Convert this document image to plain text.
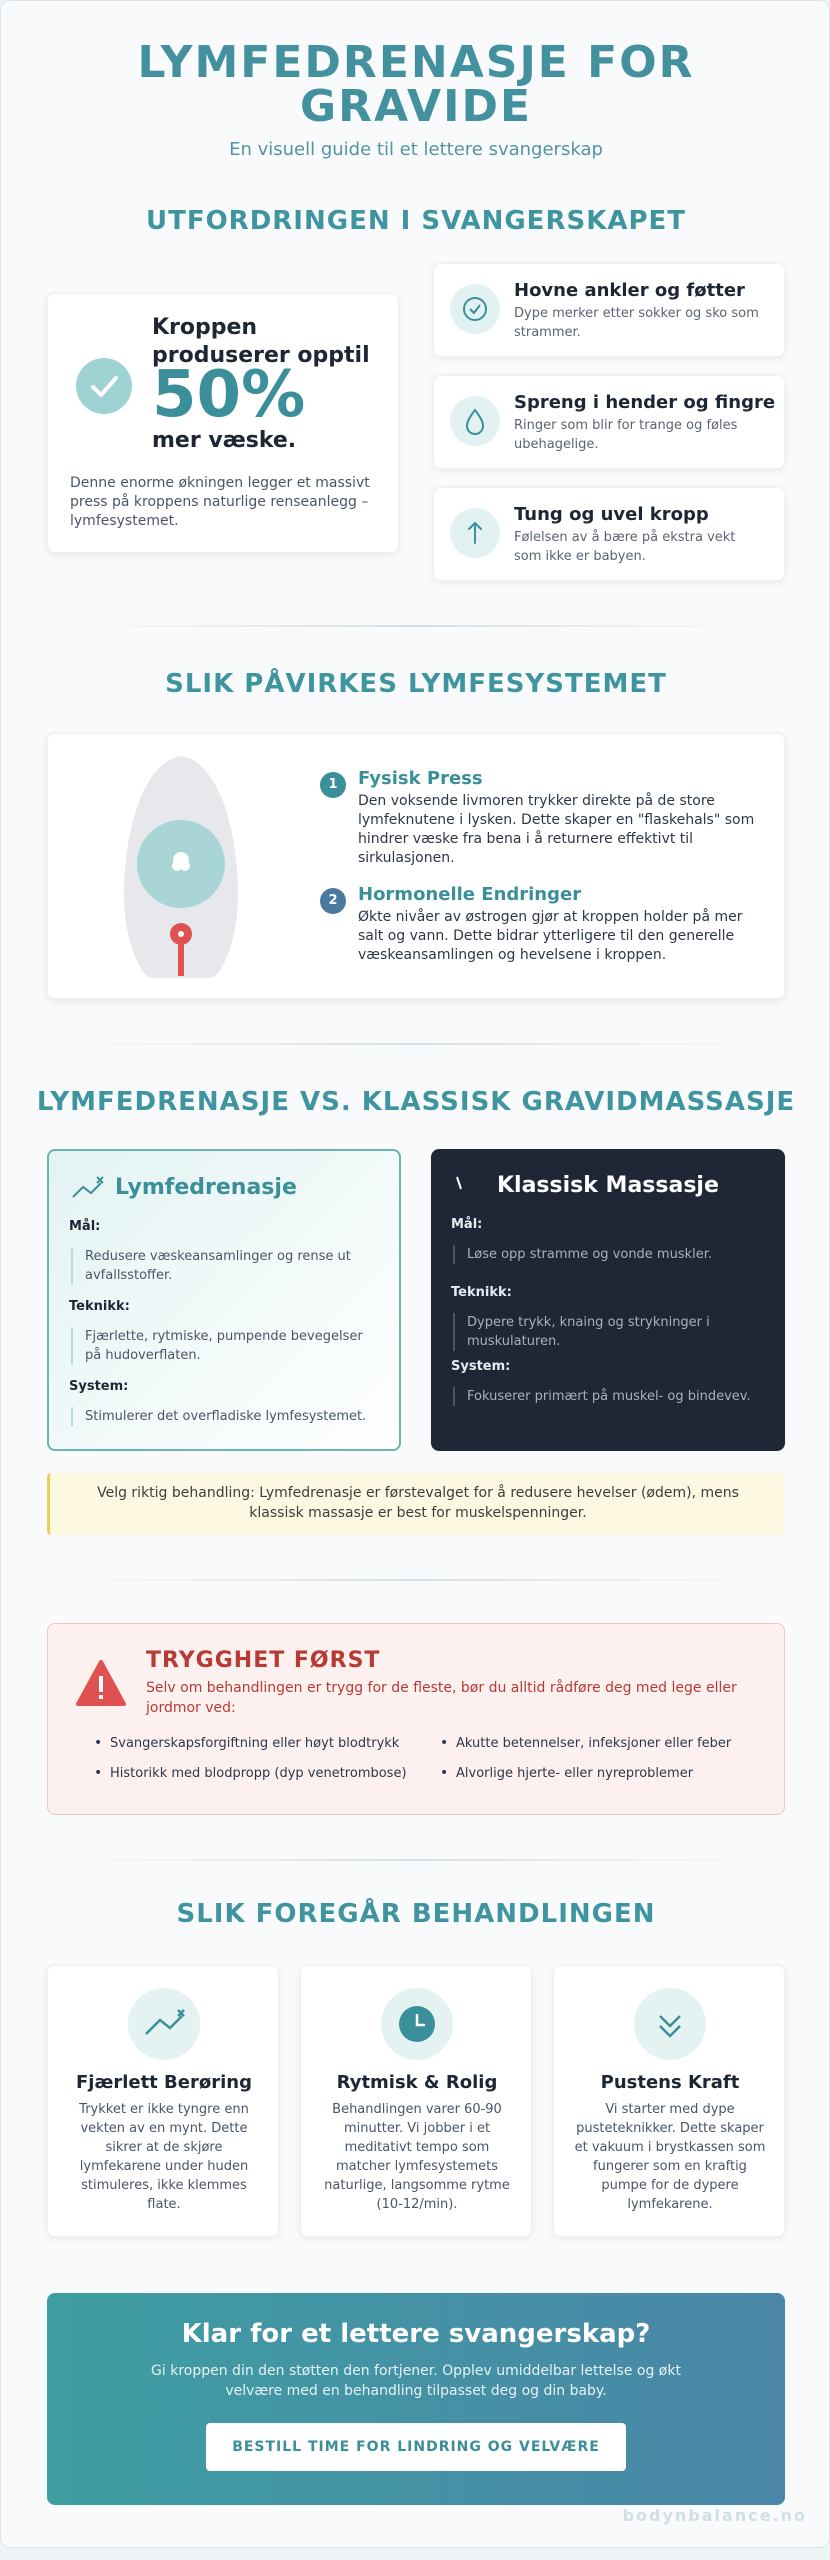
LYMFEDRENASJE FOR
GRAVIDE
En visuell guide til et lettere svangerskap
UTFORDRINGEN I SVANGERSKAPET
Kroppen produserer opptil
50%
mer væske.
Denne enorme økningen legger et massivt press på kroppens naturlige renseanlegg – lymfesystemet.
Hovne ankler og føtter
Dype merker etter sokker og sko som strammer.
Spreng i hender og fingre
Ringer som blir for trange og føles ubehagelige.
Tung og uvel kropp
Følelsen av å bære på ekstra vekt som ikke er babyen.
SLIK PÅVIRKES LYMFESYSTEMET
1	Fysisk Press
Den voksende livmoren trykker direkte på de store lymfeknutene i lysken. Dette skaper en "flaskehals" som hindrer væske fra bena i å returnere effektivt til sirkulasjonen.
2	Hormonelle Endringer
Økte nivåer av østrogen gjør at kroppen holder på mer salt og vann. Dette bidrar ytterligere til den generelle væskeansamlingen og hevelsene i kroppen.
LYMFEDRENASJE VS. KLASSISK GRAVIDMASSASJE
Lymfedrenasje
Mål:
Redusere væskeansamlinger og rense ut avfallsstoffer.
Teknikk:
Fjærlette, rytmiske, pumpende bevegelser på hudoverflaten.
System:
Stimulerer det overfladiske lymfesystemet.
Klassisk Massasje
Mål:
Løse opp stramme og vonde muskler.
Teknikk:
Dypere trykk, knaing og strykninger i muskulaturen.
System:
Fokuserer primært på muskel- og bindevev.
Velg riktig behandling: Lymfedrenasje er førstevalget for å redusere hevelser (ødem), mens klassisk massasje er best for muskelspenninger.
TRYGGHET FØRST
Selv om behandlingen er trygg for de fleste, bør du alltid rådføre deg med lege eller jordmor ved:
• Svangerskapsforgiftning eller høyt blodtrykk	• Akutte betennelser, infeksjoner eller feber
• Historikk med blodpropp (dyp venetrombose)	• Alvorlige hjerte- eller nyreproblemer
SLIK FOREGÅR BEHANDLINGEN
Fjærlett Berøring
Trykket er ikke tyngre enn vekten av en mynt. Dette sikrer at de skjøre lymfekarene under huden stimuleres, ikke klemmes flate.
Rytmisk & Rolig
Behandlingen varer 60-90 minutter. Vi jobber i et meditativt tempo som matcher lymfesystemets naturlige, langsomme rytme (10-12/min).
Pustens Kraft
Vi starter med dype pusteteknikker. Dette skaper et vakuum i brystkassen som fungerer som en kraftig pumpe for de dypere lymfekarene.
Klar for et lettere svangerskap?
Gi kroppen din den støtten den fortjener. Opplev umiddelbar lettelse og økt velvære med en behandling tilpasset deg og din baby.
BESTILL TIME FOR LINDRING OG VELVÆRE
bodynbalance.no
